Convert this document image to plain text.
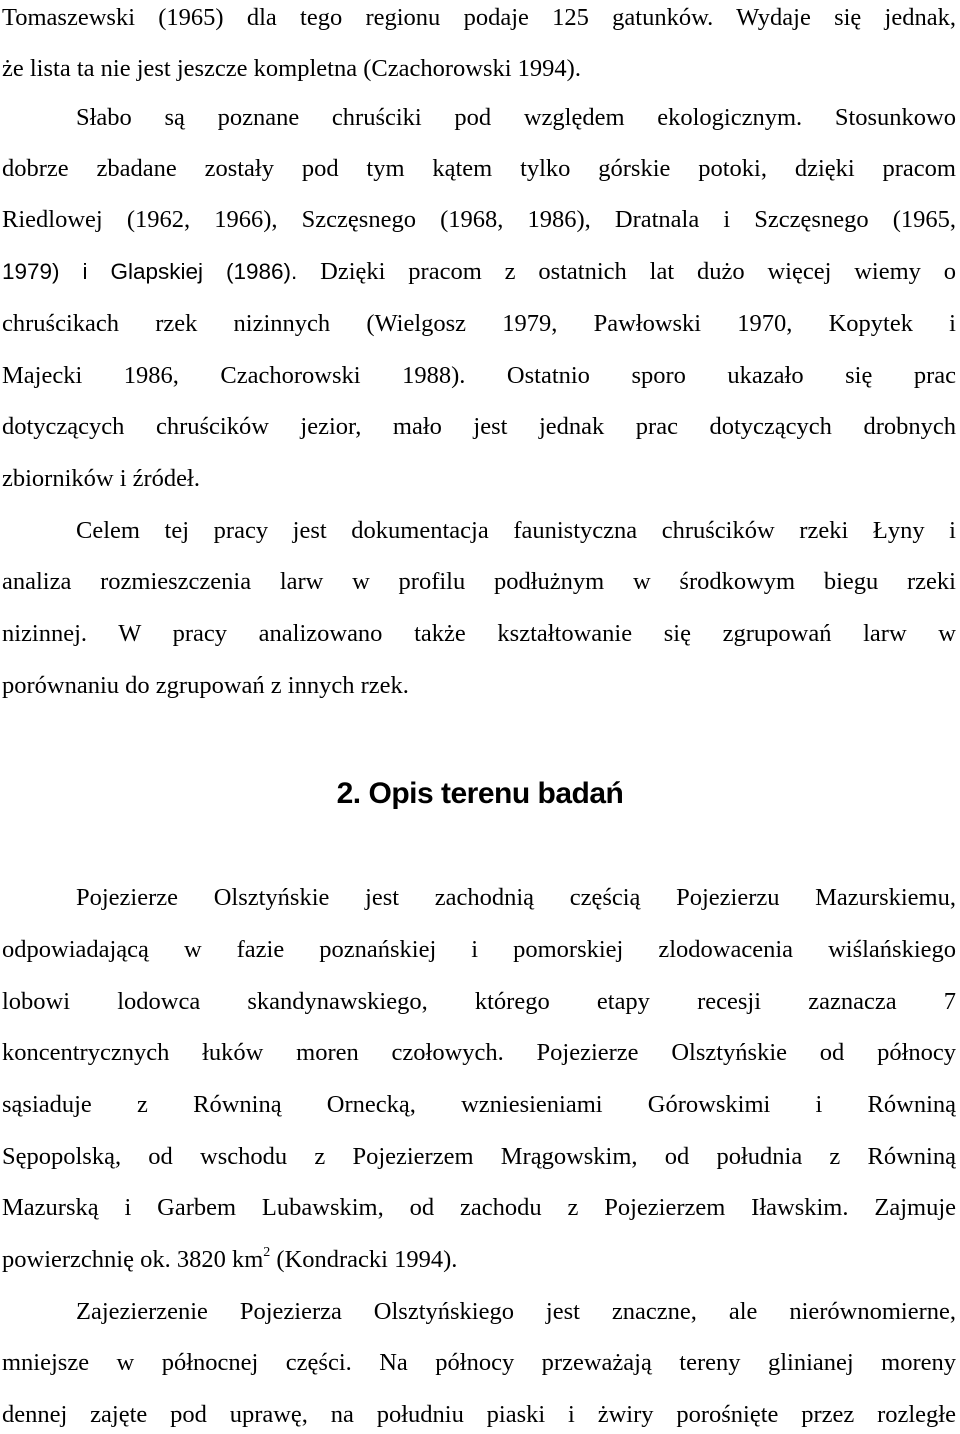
Tomaszewski (1965) dla tego regionu podaje 125 gatunków. Wydaje się jednak,
że lista ta nie jest jeszcze kompletna (Czachorowski 1994).
Słabo są poznane chruściki pod względem ekologicznym. Stosunkowo
dobrze zbadane zostały pod tym kątem tylko górskie potoki, dzięki pracom
Riedlowej (1962, 1966), Szczęsnego (1968, 1986), Dratnala i Szczęsnego (1965,
1979) i Glapskiej (1986). Dzięki pracom z ostatnich lat dużo więcej wiemy o
chruścikach rzek nizinnych (Wielgosz 1979, Pawłowski 1970, Kopytek i
Majecki 1986, Czachorowski 1988). Ostatnio sporo ukazało się prac
dotyczących chruścików jezior, mało jest jednak prac dotyczących drobnych
zbiorników i źródeł.
Celem tej pracy jest dokumentacja faunistyczna chruścików rzeki Łyny i
analiza rozmieszczenia larw w profilu podłużnym w środkowym biegu rzeki
nizinnej. W pracy analizowano także kształtowanie się zgrupowań larw w
porównaniu do zgrupowań z innych rzek.
2. Opis terenu badań
Pojezierze Olsztyńskie jest zachodnią częścią Pojezierzu Mazurskiemu,
odpowiadającą w fazie poznańskiej i pomorskiej zlodowacenia wiślańskiego
lobowi lodowca skandynawskiego, którego etapy recesji zaznacza 7
koncentrycznych łuków moren czołowych. Pojezierze Olsztyńskie od północy
sąsiaduje z Równiną Ornecką, wzniesieniami Górowskimi i Równiną
Sępopolską, od wschodu z Pojezierzem Mrągowskim, od południa z Równiną
Mazurską i Garbem Lubawskim, od zachodu z Pojezierzem Iławskim. Zajmuje
powierzchnię ok. 3820 $km^2$ (Kondracki 1994).
Zajezierzenie Pojezierza Olsztyńskiego jest znaczne, ale nierównomierne,
mniejsze w północnej części. Na północy przeważają tereny glinianej moreny
dennej zajęte pod uprawę, na południu piaski i żwiry porośnięte przez rozległe
